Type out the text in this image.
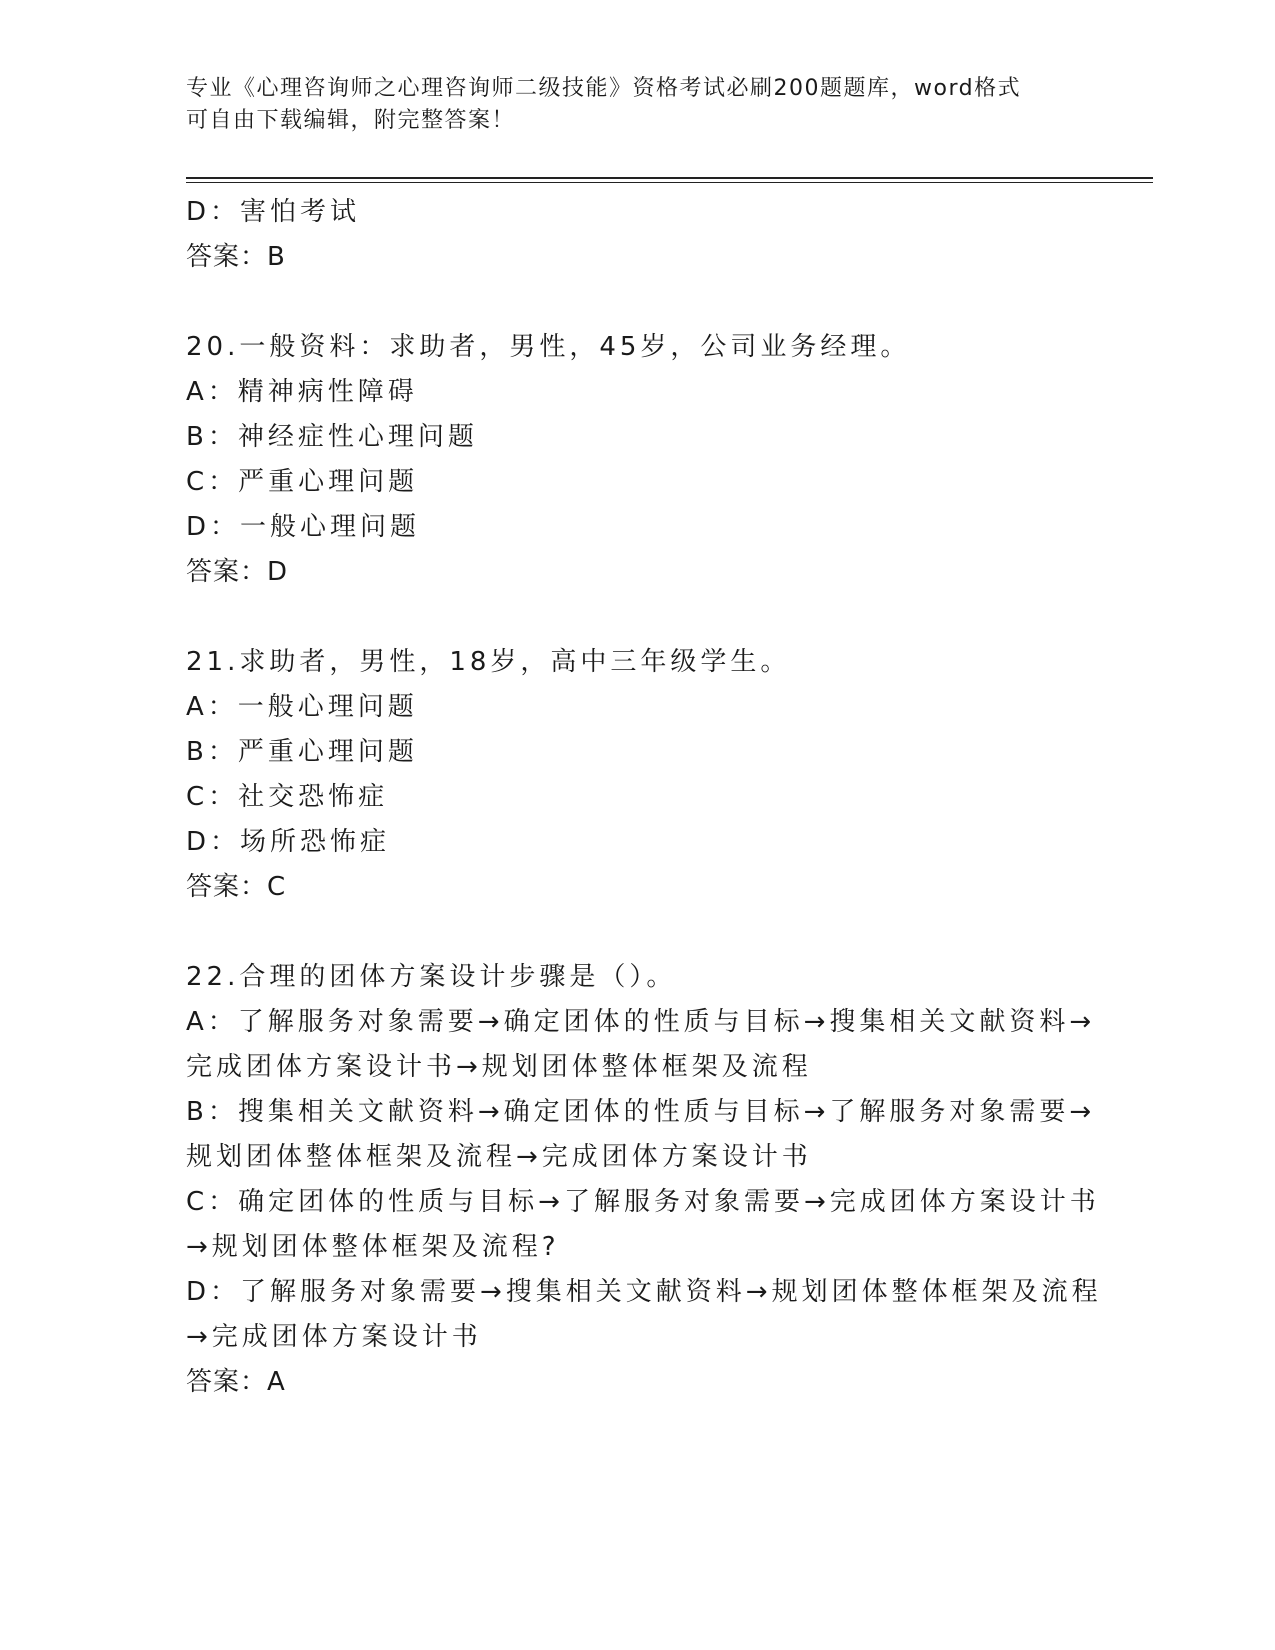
专业《心理咨询师之心理咨询师二级技能》资格考试必刷200题题库，word格式
可自由下载编辑，附完整答案！
D：害怕考试
答案：B
20.一般资料：求助者，男性，45岁，公司业务经理。
A：精神病性障碍
B：神经症性心理问题
C：严重心理问题
D：一般心理问题
答案：D
21.求助者，男性，18岁，高中三年级学生。
A：一般心理问题
B：严重心理问题
C：社交恐怖症
D：场所恐怖症
答案：C
22.合理的团体方案设计步骤是（）。
A：了解服务对象需要→确定团体的性质与目标→搜集相关文献资料→
完成团体方案设计书→规划团体整体框架及流程
B：搜集相关文献资料→确定团体的性质与目标→了解服务对象需要→
规划团体整体框架及流程→完成团体方案设计书
C：确定团体的性质与目标→了解服务对象需要→完成团体方案设计书
→规划团体整体框架及流程?
D：了解服务对象需要→搜集相关文献资料→规划团体整体框架及流程
→完成团体方案设计书
答案：A
